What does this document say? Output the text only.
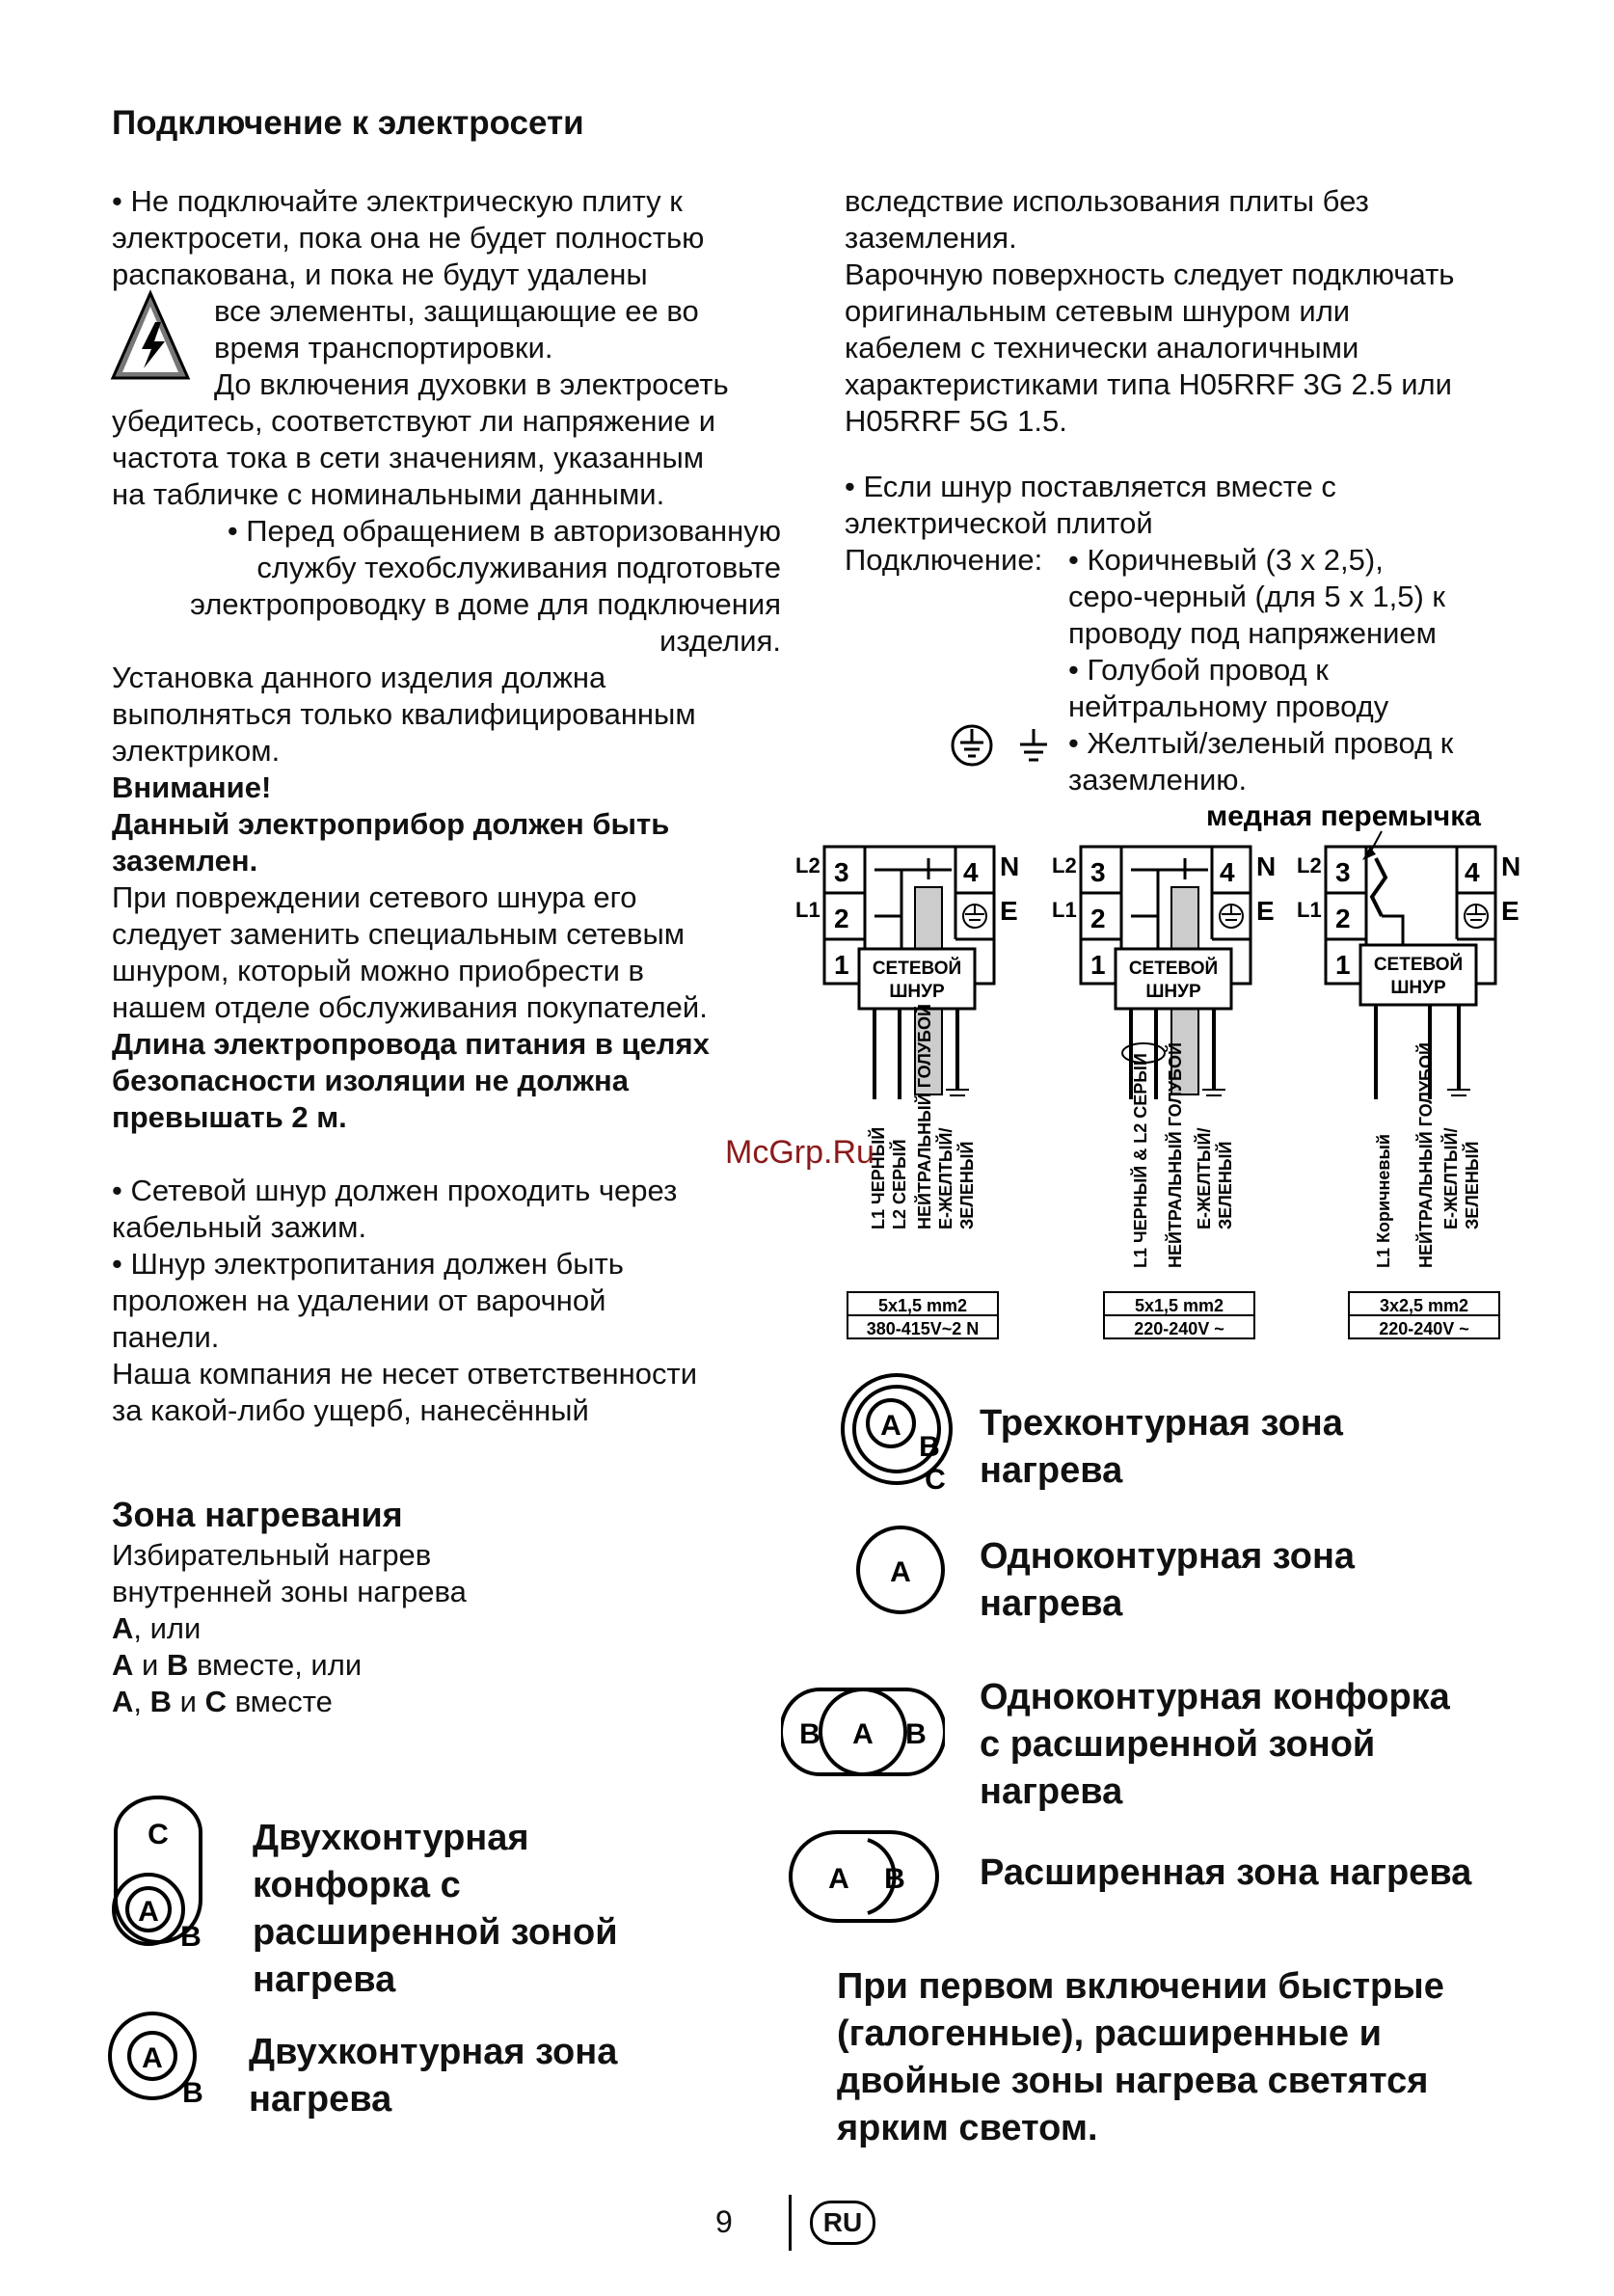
Подключение к электросети

• Не подключайте электрическую плиту к

электросети, пока она не будет полностью

распакована, и пока не будут удалены

все элементы, защищающие ее во

время транспортировки.

До включения духовки в электросеть

убедитесь, соответствуют ли напряжение и

частота тока в сети значениям, указанным

на табличке с номинальными данными.

• Перед обращением в авторизованную

службу техобслуживания подготовьте

электропроводку в доме для подключения

изделия.

Установка данного изделия должна

выполняться только квалифицированным

электриком.

Внимание!

Данный электроприбор должен быть

заземлен.

При повреждении сетевого шнура его

следует заменить специальным сетевым

шнуром, который можно приобрести в

нашем отделе обслуживания покупателей.

Длина электропровода питания в целях

безопасности изоляции не должна

превышать 2 м.

• Сетевой шнур должен проходить через

кабельный зажим.

• Шнур электропитания должен быть

проложен на удалении от варочной

панели.

Наша компания не несет ответственности

за какой-либо ущерб, нанесённый

вследствие использования плиты без

заземления.

Варочную поверхность следует подключать

оригинальным сетевым шнуром или

кабелем с технически аналогичными

характеристиками типа H05RRF 3G 2.5 или

H05RRF 5G 1.5.

• Если шнур поставляется вместе с

электрической плитой

Подключение: • Коричневый (3 x 2,5),

серо-черный (для 5 x 1,5) к

проводу под напряжением

• Голубой провод к

нейтральному проводу

• Желтый/зеленый провод к

заземлению.

медная перемычка
L2
L1
3
2
1
4 N
E
СЕТЕВОЙ
ШНУР
L1 ЧЕРНЫЙ L2 СЕРЫЙ НЕЙТРАЛЬНЫЙ ГОЛУБОЙ Е-ЖЕЛТЫЙ/ ЗЕЛЕНЫЙ
5x1,5 mm2
380-415V~2 N
L2
L1
3
2
1
4 N
E
СЕТЕВОЙ
ШНУР
L1 ЧЕРНЫЙ & L2 СЕРЫЙ НЕЙТРАЛЬНЫЙ ГОЛУБОЙ Е-ЖЕЛТЫЙ/ ЗЕЛЕНЫЙ
5x1,5 mm2
220-240V ~
L2
L1
3
2
1
4 N
E
СЕТЕВОЙ
ШНУР
L1 Коричневый НЕЙТРАЛЬНЫЙ ГОЛУБОЙ Е-ЖЕЛТЫЙ/ ЗЕЛЕНЫЙ
3x2,5 mm2
220-240V ~
McGrp.Ru
Зона нагревания

Избирательный нагрев

внутренней зоны нагрева

A, или

A и B вместе, или

A, B и C вместе

C
A
B
Двухконтурная
конфорка с
расширенной зоной
нагрева
A
B
Двухконтурная зона
нагрева
A
B
C
Трехконтурная зона
нагрева
A Одноконтурная зона
нагрева
B A B
Одноконтурная конфорка
с расширенной зоной
нагрева
A B Расширенная зона нагрева
При первом включении быстрые
(галогенные), расширенные и
двойные зоны нагрева светятся
ярким светом.
9	RU
